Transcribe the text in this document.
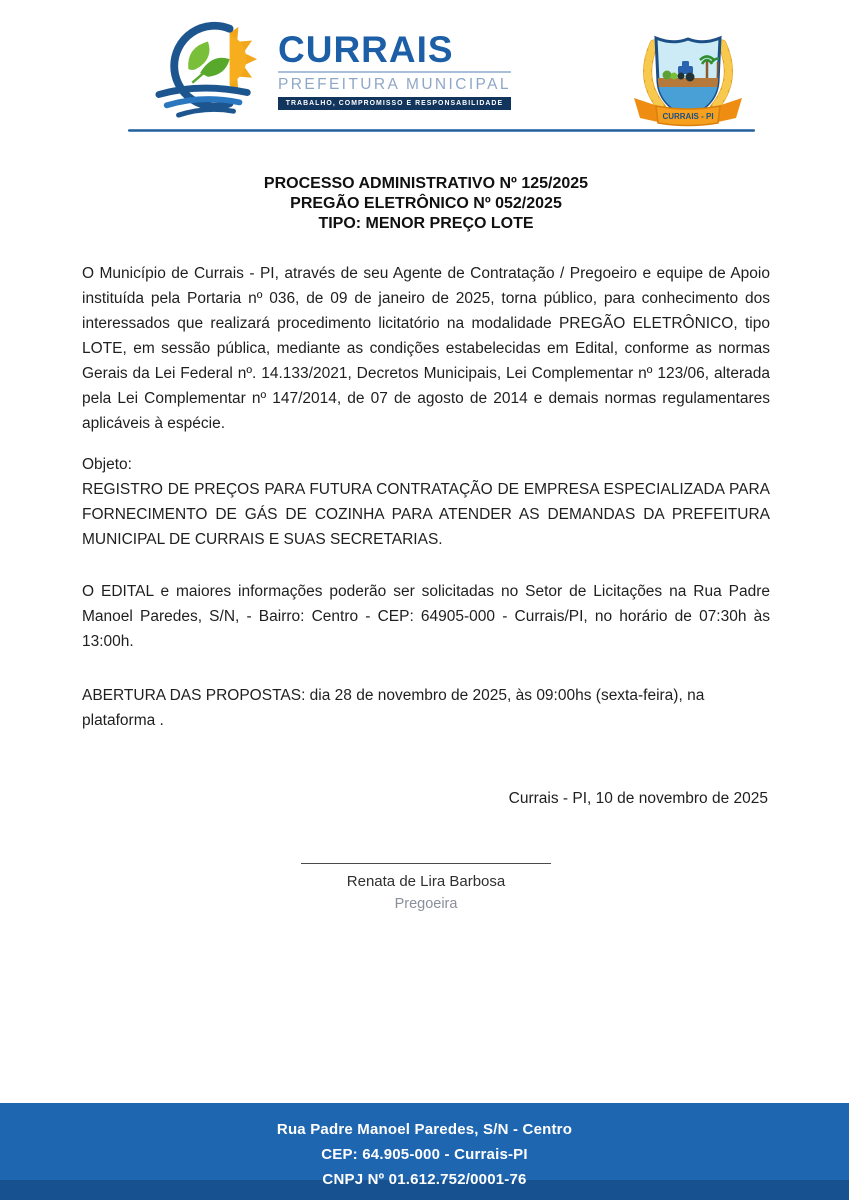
CURRAIS
PREFEITURA MUNICIPAL
TRABALHO, COMPROMISSO E RESPONSABILIDADE
CURRAIS - PI
PROCESSO ADMINISTRATIVO Nº 125/2025
PREGÃO ELETRÔNICO Nº 052/2025
TIPO: MENOR PREÇO LOTE

O Município de Currais - PI, através de seu Agente de Contratação / Pregoeiro e equipe de Apoio instituída pela Portaria nº 036, de 09 de janeiro de 2025, torna público, para conhecimento dos interessados que realizará procedimento licitatório na modalidade PREGÃO ELETRÔNICO, tipo LOTE, em sessão pública, mediante as condições estabelecidas em Edital, conforme as normas Gerais da Lei Federal nº. 14.133/2021, Decretos Municipais, Lei Complementar nº 123/06, alterada pela Lei Complementar nº 147/2014, de 07 de agosto de 2014 e demais normas regulamentares aplicáveis à espécie.

Objeto:
REGISTRO DE PREÇOS PARA FUTURA CONTRATAÇÃO DE EMPRESA ESPECIALIZADA PARA FORNECIMENTO DE GÁS DE COZINHA PARA ATENDER AS DEMANDAS DA PREFEITURA MUNICIPAL DE CURRAIS E SUAS SECRETARIAS.

O EDITAL e maiores informações poderão ser solicitadas no Setor de Licitações na Rua Padre Manoel Paredes, S/N, - Bairro: Centro - CEP: 64905-000 - Currais/PI, no horário de 07:30h às 13:00h.

ABERTURA DAS PROPOSTAS: dia 28 de novembro de 2025, às 09:00hs (sexta-feira), na plataforma .

Currais - PI, 10 de novembro de 2025
Renata de Lira Barbosa
Pregoeira
Rua Padre Manoel Paredes, S/N - Centro
CEP: 64.905-000 - Currais-PI
CNPJ Nº 01.612.752/0001-76
